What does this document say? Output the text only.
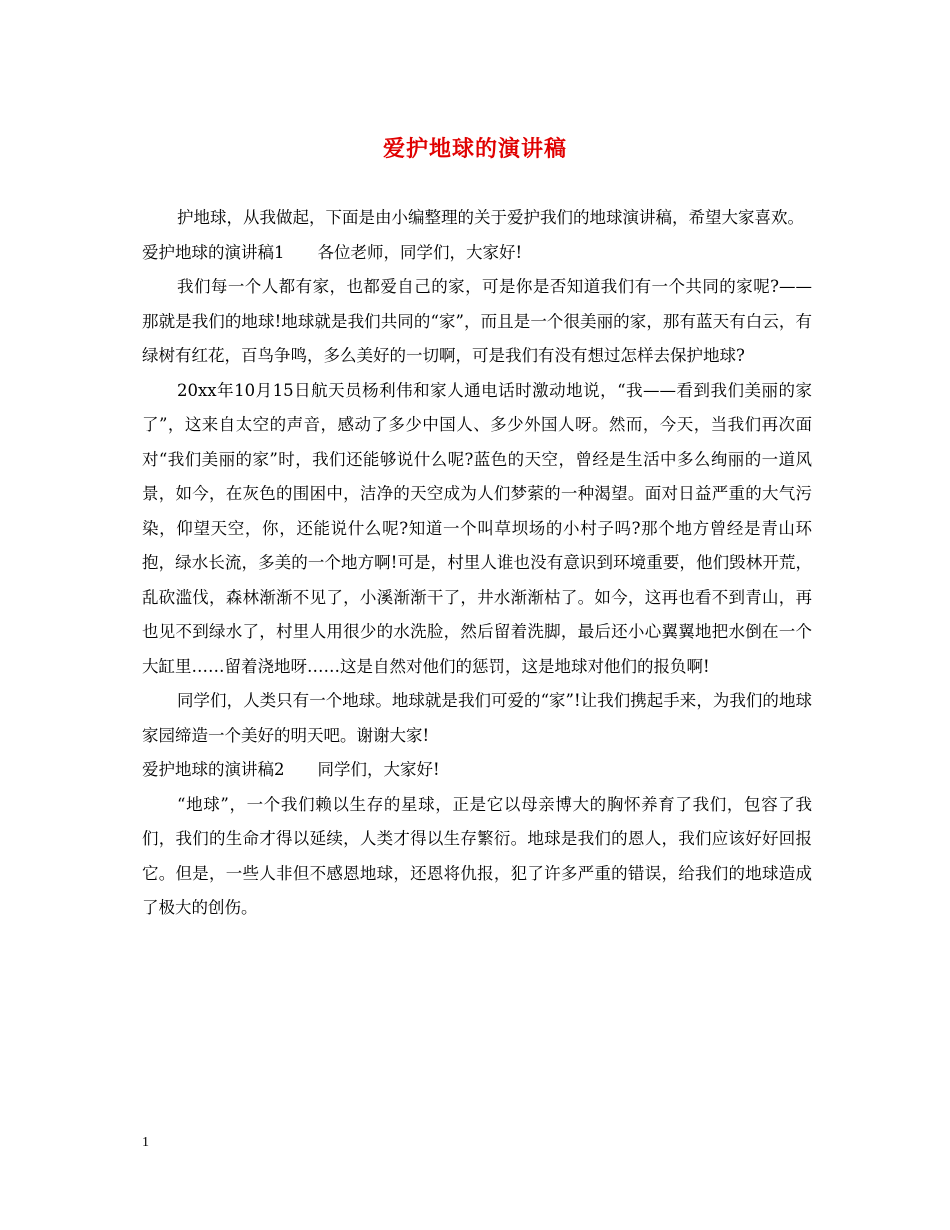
爱护地球的演讲稿

护地球，从我做起，下面是由小编整理的关于爱护我们的地球演讲稿，希望大家喜欢。

爱护地球的演讲稿1　　各位老师，同学们，大家好!

我们每一个人都有家，也都爱自己的家，可是你是否知道我们有一个共同的家呢?——那就是我们的地球!地球就是我们共同的“家”，而且是一个很美丽的家，那有蓝天有白云，有绿树有红花，百鸟争鸣，多么美好的一切啊，可是我们有没有想过怎样去保护地球?

20xx年10月15日航天员杨利伟和家人通电话时激动地说，“我——看到我们美丽的家了”，这来自太空的声音，感动了多少中国人、多少外国人呀。然而，今天，当我们再次面对“我们美丽的家”时，我们还能够说什么呢?蓝色的天空，曾经是生活中多么绚丽的一道风景，如今，在灰色的围困中，洁净的天空成为人们梦萦的一种渴望。面对日益严重的大气污染，仰望天空，你，还能说什么呢?知道一个叫草坝场的小村子吗?那个地方曾经是青山环抱，绿水长流，多美的一个地方啊!可是，村里人谁也没有意识到环境重要，他们毁林开荒，乱砍滥伐，森林渐渐不见了，小溪渐渐干了，井水渐渐枯了。如今，这再也看不到青山，再也见不到绿水了，村里人用很少的水洗脸，然后留着洗脚，最后还小心翼翼地把水倒在一个大缸里……留着浇地呀……这是自然对他们的惩罚，这是地球对他们的报负啊!

同学们，人类只有一个地球。地球就是我们可爱的“家”!让我们携起手来，为我们的地球家园缔造一个美好的明天吧。谢谢大家!

爱护地球的演讲稿2　　同学们，大家好!

“地球”，一个我们赖以生存的星球，正是它以母亲博大的胸怀养育了我们，包容了我们，我们的生命才得以延续，人类才得以生存繁衍。地球是我们的恩人，我们应该好好回报它。但是，一些人非但不感恩地球，还恩将仇报，犯了许多严重的错误，给我们的地球造成了极大的创伤。

1
